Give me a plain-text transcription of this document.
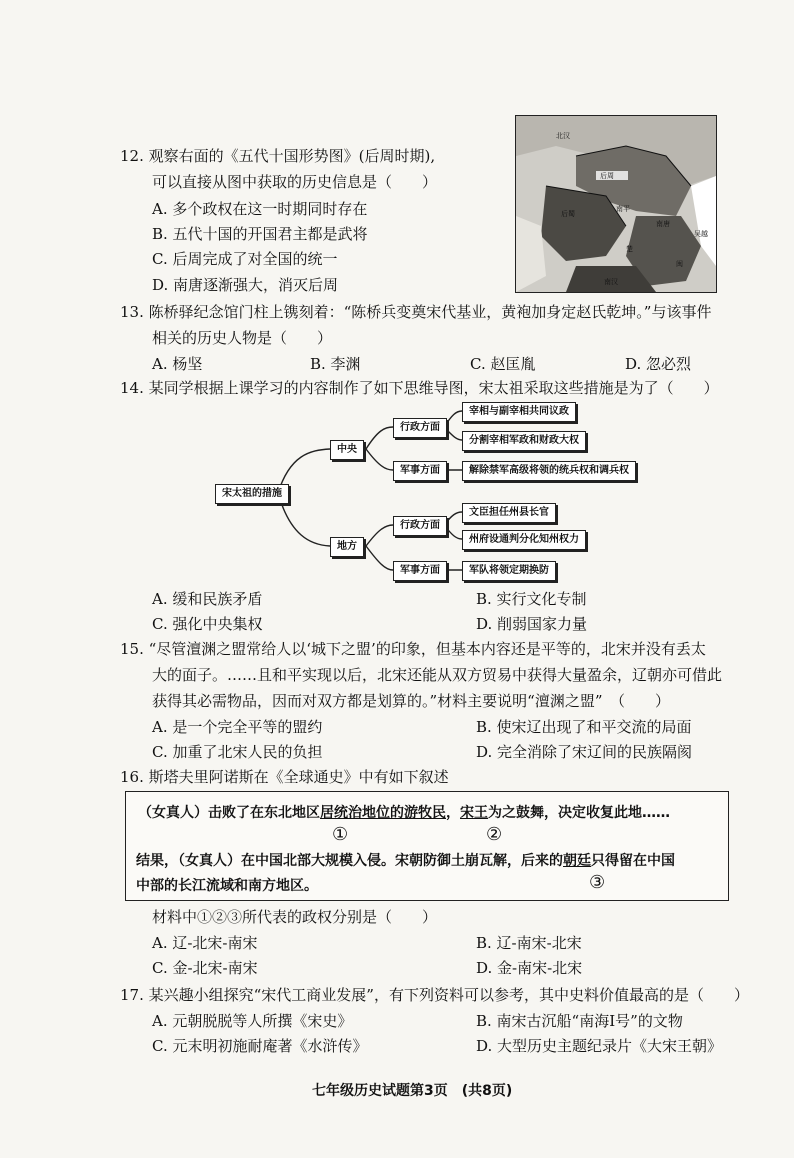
12. 观察右面的《五代十国形势图》(后周时期),
可以直接从图中获取的历史信息是（　　）
A. 多个政权在这一时期同时存在
B. 五代十国的开国君主都是武将
C. 后周完成了对全国的统一
D. 南唐逐渐强大，消灭后周
北汉
后周
南唐
吴越
闽
南汉
楚
后蜀
南平
13. 陈桥驿纪念馆门柱上镌刻着：“陈桥兵变奠宋代基业，黄袍加身定赵氏乾坤。”与该事件
相关的历史人物是（　　）
A. 杨坚	B. 李渊	C. 赵匡胤	D. 忽必烈
14. 某同学根据上课学习的内容制作了如下思维导图，宋太祖采取这些措施是为了（　　）
宋太祖的措施
中央
地方
行政方面
军事方面
行政方面
军事方面
宰相与副宰相共同议政
分割宰相军政和财政大权
解除禁军高级将领的统兵权和调兵权
文臣担任州县长官
州府设通判分化知州权力
军队将领定期换防
A. 缓和民族矛盾	B. 实行文化专制
C. 强化中央集权	D. 削弱国家力量
15. “尽管澶渊之盟常给人以‘城下之盟’的印象，但基本内容还是平等的，北宋并没有丢太
大的面子。……且和平实现以后，北宋还能从双方贸易中获得大量盈余，辽朝亦可借此
获得其必需物品，因而对双方都是划算的。”材料主要说明“澶渊之盟”　（　　）
A. 是一个完全平等的盟约	B. 使宋辽出现了和平交流的局面
C. 加重了北宋人民的负担	D. 完全消除了宋辽间的民族隔阂
16. 斯塔夫里阿诺斯在《全球通史》中有如下叙述
（女真人）击败了在东北地区居统治地位的游牧民，宋王为之鼓舞，决定收复此地……
①	②
结果，（女真人）在中国北部大规模入侵。宋朝防御土崩瓦解，后来的朝廷只得留在中国
中部的长江流域和南方地区。	③
材料中①②③所代表的政权分别是（　　）
A. 辽-北宋-南宋	B. 辽-南宋-北宋
C. 金-北宋-南宋	D. 金-南宋-北宋
17. 某兴趣小组探究“宋代工商业发展”，有下列资料可以参考，其中史料价值最高的是（　　）
A. 元朝脱脱等人所撰《宋史》	B. 南宋古沉船“南海Ⅰ号”的文物
C. 元末明初施耐庵著《水浒传》	D. 大型历史主题纪录片《大宋王朝》
七年级历史试题第3页　(共8页)
